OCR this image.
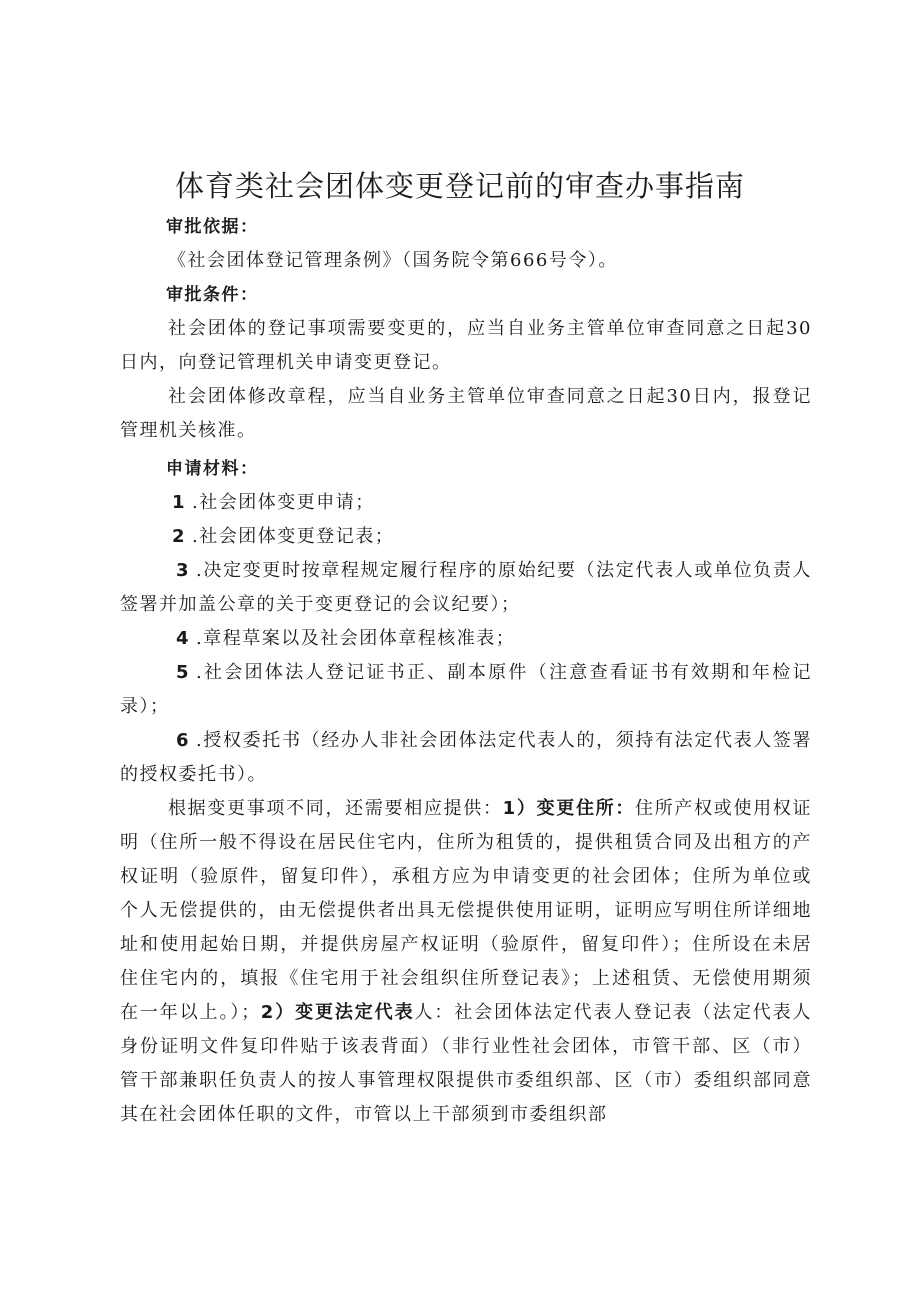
体育类社会团体变更登记前的审查办事指南
审批依据：
《社会团体登记管理条例》（国务院令第666号令）。
审批条件：

社会团体的登记事项需要变更的，应当自业务主管单位审查同意之日起30日内，向登记管理机关申请变更登记。

社会团体修改章程，应当自业务主管单位审查同意之日起30日内，报登记管理机关核准。

申请材料：
1 .社会团体变更申请；
2 .社会团体变更登记表；

3 .决定变更时按章程规定履行程序的原始纪要（法定代表人或单位负责人签署并加盖公章的关于变更登记的会议纪要）；

4 .章程草案以及社会团体章程核准表；

5 .社会团体法人登记证书正、副本原件（注意查看证书有效期和年检记录）；

6 .授权委托书（经办人非社会团体法定代表人的，须持有法定代表人签署的授权委托书）。

根据变更事项不同，还需要相应提供：1）变更住所：住所产权或使用权证明（住所一般不得设在居民住宅内，住所为租赁的，提供租赁合同及出租方的产权证明（验原件，留复印件），承租方应为申请变更的社会团体；住所为单位或个人无偿提供的，由无偿提供者出具无偿提供使用证明，证明应写明住所详细地址和使用起始日期，并提供房屋产权证明（验原件，留复印件）；住所设在未居住住宅内的，填报《住宅用于社会组织住所登记表》；上述租赁、无偿使用期须在一年以上。）；2）变更法定代表人：社会团体法定代表人登记表（法定代表人身份证明文件复印件贴于该表背面）（非行业性社会团体，市管干部、区（市）管干部兼职任负责人的按人事管理权限提供市委组织部、区（市）委组织部同意其在社会团体任职的文件，市管以上干部须到市委组织部
